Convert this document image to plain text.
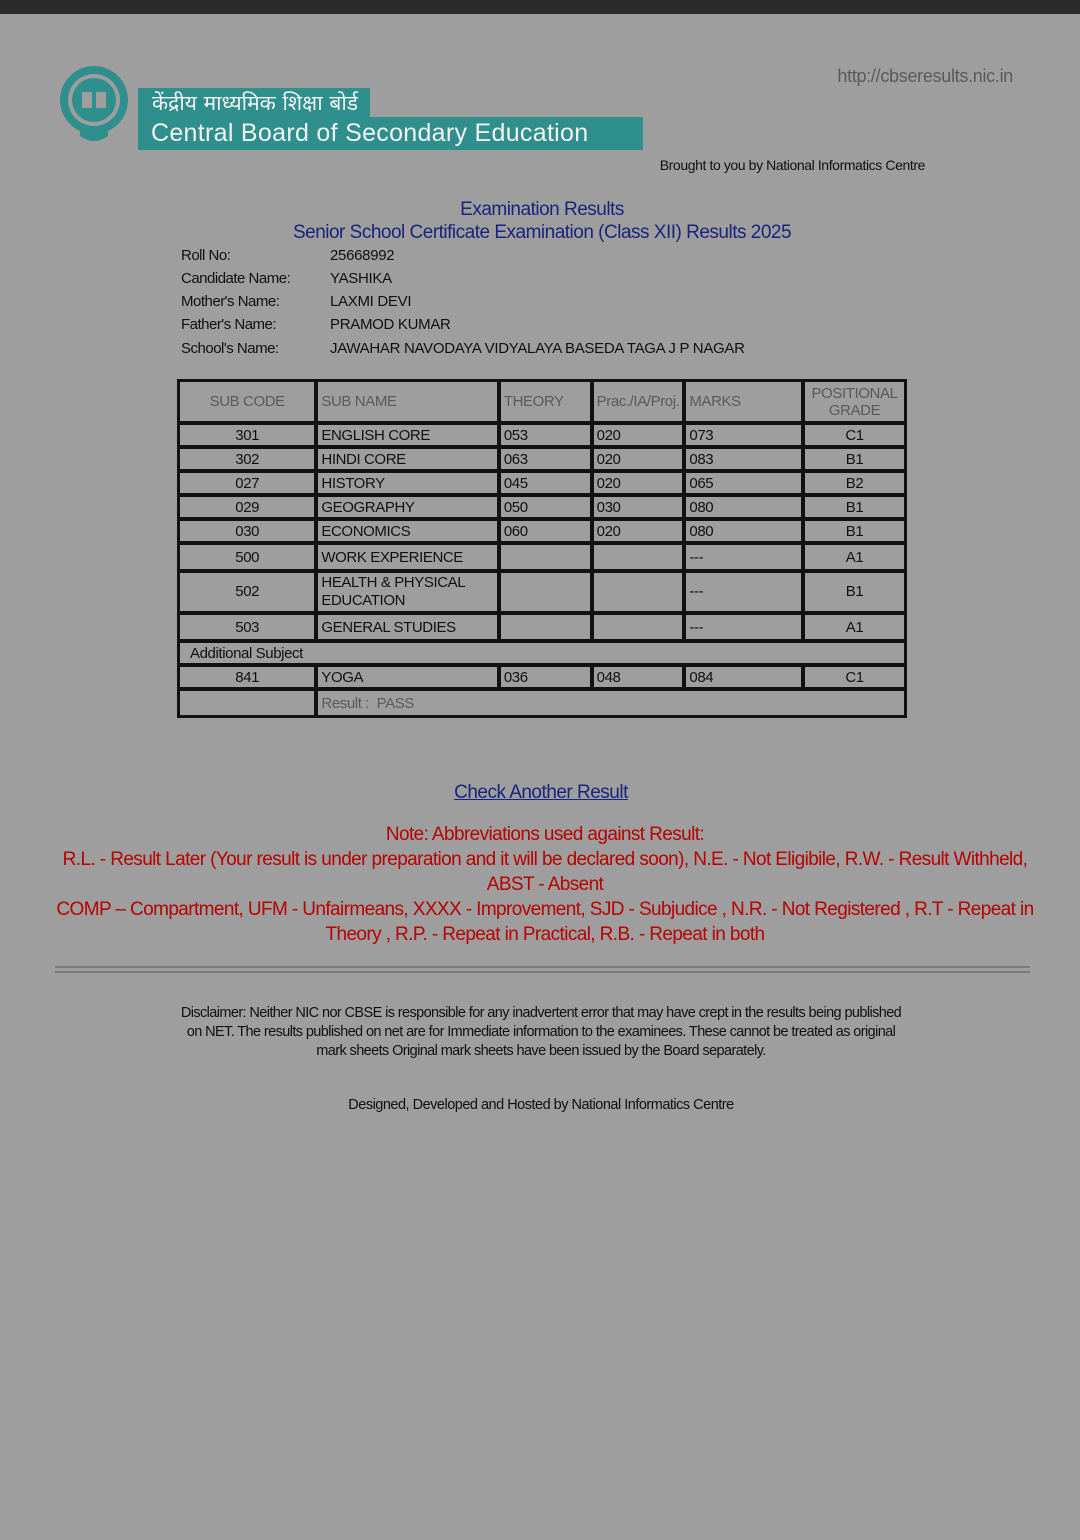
केंद्रीय माध्यमिक शिक्षा बोर्ड
Central Board of Secondary Education
http://cbseresults.nic.in
Brought to you by National Informatics Centre
Examination Results
Senior School Certificate Examination (Class XII) Results 2025
Roll No:	25668992
Candidate Name:	YASHIKA
Mother's Name:	LAXMI DEVI
Father's Name:	PRAMOD KUMAR
School's Name:	JAWAHAR NAVODAYA VIDYALAYA BASEDA TAGA J P NAGAR
SUB CODE	SUB NAME	THEORY	Prac./IA/Proj.	MARKS	POSITIONAL GRADE
301	ENGLISH CORE	053	020	073	C1
302	HINDI CORE	063	020	083	B1
027	HISTORY	045	020	065	B2
029	GEOGRAPHY	050	030	080	B1
030	ECONOMICS	060	020	080	B1
500	WORK EXPERIENCE			---	A1
502	HEALTH & PHYSICAL EDUCATION			---	B1
503	GENERAL STUDIES			---	A1
Additional Subject					
841	YOGA	036	048	084	C1
	Result : PASS				
Check Another Result
Note: Abbreviations used against Result:
R.L. - Result Later (Your result is under preparation and it will be declared soon), N.E. - Not Eligibile, R.W. - Result Withheld, ABST - Absent
COMP – Compartment, UFM - Unfairmeans, XXXX - Improvement, SJD - Subjudice , N.R. - Not Registered , R.T - Repeat in Theory , R.P. - Repeat in Practical, R.B. - Repeat in both
Disclaimer: Neither NIC nor CBSE is responsible for any inadvertent error that may have crept in the results being published on NET. The results published on net are for Immediate information to the examinees. These cannot be treated as original mark sheets Original mark sheets have been issued by the Board separately.
Designed, Developed and Hosted by National Informatics Centre
